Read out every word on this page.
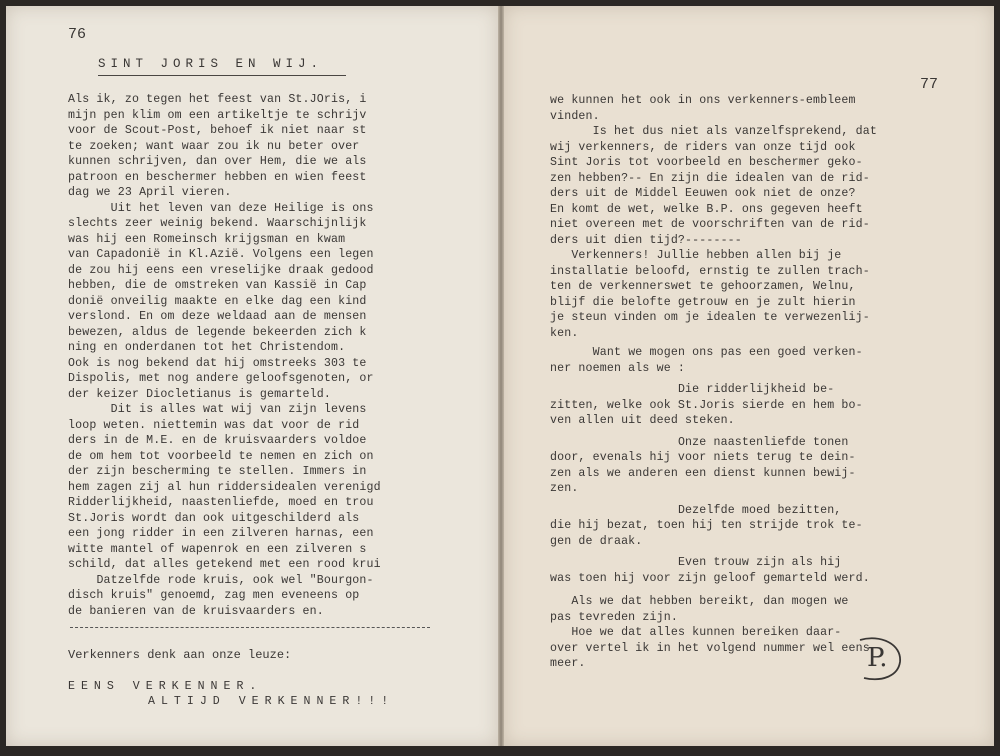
76
SINT JORIS EN WIJ.

Als ik, zo tegen het feest van St.JOris, i
mijn pen klim om een artikeltje te schrijv
voor de Scout-Post, behoef ik niet naar st
te zoeken; want waar zou ik nu beter over
kunnen schrijven, dan over Hem, die we als
patroon en beschermer hebben en wien feest
dag we 23 April vieren.

Uit het leven van deze Heilige is ons
slechts zeer weinig bekend. Waarschijnlijk
was hij een Romeinsch krijgsman en kwam
van Capadonië in Kl.Azië. Volgens een legen
de zou hij eens een vreselijke draak gedood
hebben, die de omstreken van Kassië in Cap
donië onveilig maakte en elke dag een kind
verslond. En om deze weldaad aan de mensen
bewezen, aldus de legende bekeerden zich k
ning en onderdanen tot het Christendom.
Ook is nog bekend dat hij omstreeks 303 te
Dispolis, met nog andere geloofsgenoten, or
der keizer Diocletianus is gemarteld.

Dit is alles wat wij van zijn levens
loop weten. niettemin was dat voor de rid
ders in de M.E. en de kruisvaarders voldoe
de om hem tot voorbeeld te nemen en zich on
der zijn bescherming te stellen. Immers in
hem zagen zij al hun riddersidealen verenigd
Ridderlijkheid, naastenliefde, moed en trou
St.Joris wordt dan ook uitgeschilderd als
een jong ridder in een zilveren harnas, een
witte mantel of wapenrok en een zilveren s
schild, dat alles getekend met een rood krui

Datzelfde rode kruis, ook wel "Bourgon-
disch kruis" genoemd, zag men eveneens op
de banieren van de kruisvaarders en.

Verkenners denk aan onze leuze:
EENS VERKENNER.
ALTIJD VERKENNER!!!
77

we kunnen het ook in ons verkenners-embleem
vinden.

Is het dus niet als vanzelfsprekend, dat
wij verkenners, de riders van onze tijd ook
Sint Joris tot voorbeeld en beschermer geko-
zen hebben?-- En zijn die idealen van de rid-
ders uit de Middel Eeuwen ook niet de onze?
En komt de wet, welke B.P. ons gegeven heeft
niet overeen met de voorschriften van de rid-
ders uit dien tijd?--------

Verkenners! Jullie hebben allen bij je
installatie beloofd, ernstig te zullen trach-
ten de verkennerswet te gehoorzamen, Welnu,
blijf die belofte getrouw en je zult hierin
je steun vinden om je idealen te verwezenlij-
ken.

Want we mogen ons pas een goed verken-
ner noemen als we :

Die ridderlijkheid be-
zitten, welke ook St.Joris sierde en hem bo-
ven allen uit deed steken.

Onze naastenliefde tonen
door, evenals hij voor niets terug te dein-
zen als we anderen een dienst kunnen bewij-
zen.

Dezelfde moed bezitten,
die hij bezat, toen hij ten strijde trok te-
gen de draak.

Even trouw zijn als hij
was toen hij voor zijn geloof gemarteld werd.

Als we dat hebben bereikt, dan mogen we
pas tevreden zijn.

Hoe we dat alles kunnen bereiken daar-
over vertel ik in het volgend nummer wel eens
meer.	P.
